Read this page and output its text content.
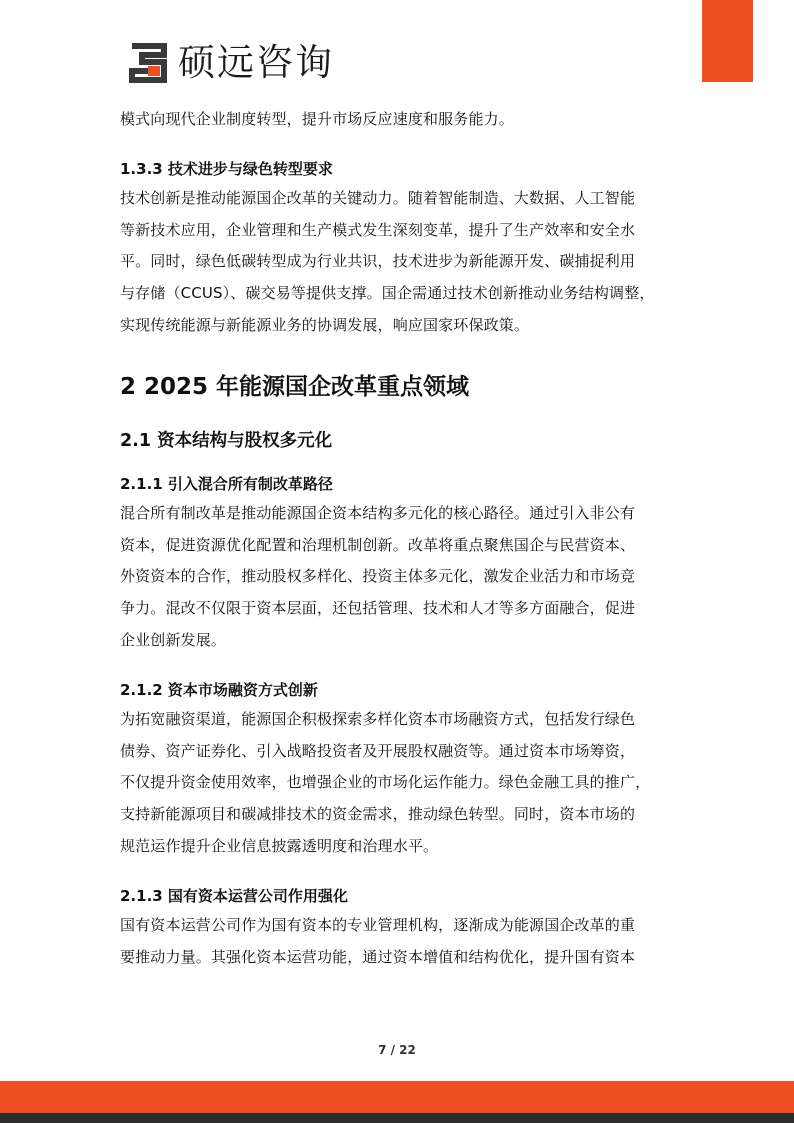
硕远咨询
模式向现代企业制度转型，提升市场反应速度和服务能力。
1.3.3 技术进步与绿色转型要求
技术创新是推动能源国企改革的关键动力。随着智能制造、大数据、人工智能
等新技术应用，企业管理和生产模式发生深刻变革，提升了生产效率和安全水
平。同时，绿色低碳转型成为行业共识，技术进步为新能源开发、碳捕捉利用
与存储（CCUS）、碳交易等提供支撑。国企需通过技术创新推动业务结构调整，
实现传统能源与新能源业务的协调发展，响应国家环保政策。
2 2025 年能源国企改革重点领域
2.1 资本结构与股权多元化
2.1.1 引入混合所有制改革路径
混合所有制改革是推动能源国企资本结构多元化的核心路径。通过引入非公有
资本，促进资源优化配置和治理机制创新。改革将重点聚焦国企与民营资本、
外资资本的合作，推动股权多样化、投资主体多元化，激发企业活力和市场竞
争力。混改不仅限于资本层面，还包括管理、技术和人才等多方面融合，促进
企业创新发展。
2.1.2 资本市场融资方式创新
为拓宽融资渠道，能源国企积极探索多样化资本市场融资方式，包括发行绿色
债券、资产证券化、引入战略投资者及开展股权融资等。通过资本市场筹资，
不仅提升资金使用效率，也增强企业的市场化运作能力。绿色金融工具的推广，
支持新能源项目和碳减排技术的资金需求，推动绿色转型。同时，资本市场的
规范运作提升企业信息披露透明度和治理水平。
2.1.3 国有资本运营公司作用强化
国有资本运营公司作为国有资本的专业管理机构，逐渐成为能源国企改革的重
要推动力量。其强化资本运营功能，通过资本增值和结构优化，提升国有资本
7 / 22
